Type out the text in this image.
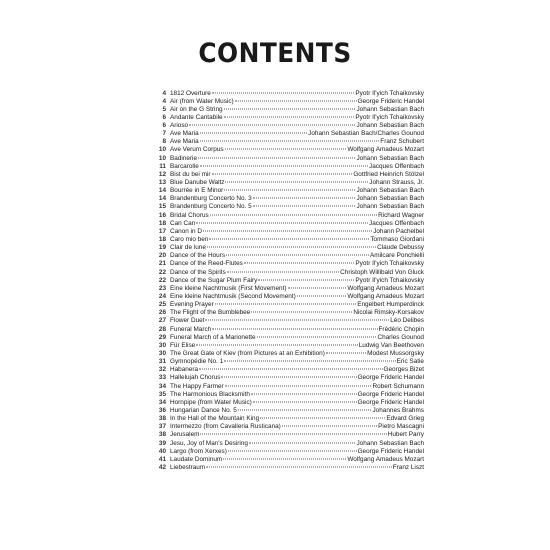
CONTENTS
4 1812 Overture	Pyotr Il'yich Tchaikovsky
4 Air (from Water Music)	George Frideric Handel
5 Air on the G String	Johann Sebastian Bach
6 Andante Cantabile	Pyotr Il'yich Tchaikovsky
6 Arioso	Johann Sebastian Bach
7 Ave Maria	Johann Sebastian Bach/Charles Gounod
8 Ave Maria	Franz Schubert
10 Ave Verum Corpus	Wolfgang Amadeus Mozart
10 Badinerie	Johann Sebastian Bach
11 Barcarolle	Jacques Offenbach
12 Bist du bei mir	Gottfried Heinrich Stölzel
13 Blue Danube Waltz	Johann Strauss, Jr.
14 Bourrée in E Minor	Johann Sebastian Bach
14 Brandenburg Concerto No. 3	Johann Sebastian Bach
15 Brandenburg Concerto No. 5	Johann Sebastian Bach
16 Bridal Chorus	Richard Wagner
18 Can Can	Jacques Offenbach
17 Canon in D	Johann Pachelbel
18 Caro mio ben	Tommaso Giordani
19 Clair de lune	Claude Debussy
20 Dance of the Hours	Amilcare Ponchielli
21 Dance of the Reed-Flutes	Pyotr Il'yich Tchaikovsky
22 Dance of the Spirits	Christoph Willibald Von Gluck
22 Dance of the Sugar Plum Fairy	Pyotr Il'yich Tchaikovsky
23 Eine kleine Nachtmusik (First Movement)	Wolfgang Amadeus Mozart
24 Eine kleine Nachtmusik (Second Movement)	Wolfgang Amadeus Mozart
25 Evening Prayer	Engelbert Humperdinck
26 The Flight of the Bumblebee	Nicolai Rimsky-Korsakov
27 Flower Duet	Léo Delibes
28 Funeral March	Frédéric Chopin
29 Funeral March of a Marionette	Charles Gounod
30 Für Elise	Ludwig Van Beethoven
30 The Great Gate of Kiev (from Pictures at an Exhibition)	Modest Mussorgsky
31 Gymnopédie No. 1	Eric Satie
32 Habanera	Georges Bizet
33 Hallelujah Chorus	George Frideric Handel
34 The Happy Farmer	Robert Schumann
35 The Harmonious Blacksmith	George Frideric Handel
34 Hornpipe (from Water Music)	George Frideric Handel
36 Hungarian Dance No. 5	Johannes Brahms
38 In the Hall of the Mountain King	Edvard Grieg
37 Intermezzo (from Cavalleria Rusticana)	Pietro Mascagni
38 Jerusalem	Hubert Parry
39 Jesu, Joy of Man's Desiring	Johann Sebastian Bach
40 Largo (from Xerxes)	George Frideric Handel
41 Laudate Dominum	Wolfgang Amadeus Mozart
42 Liebestraum	Franz Liszt
